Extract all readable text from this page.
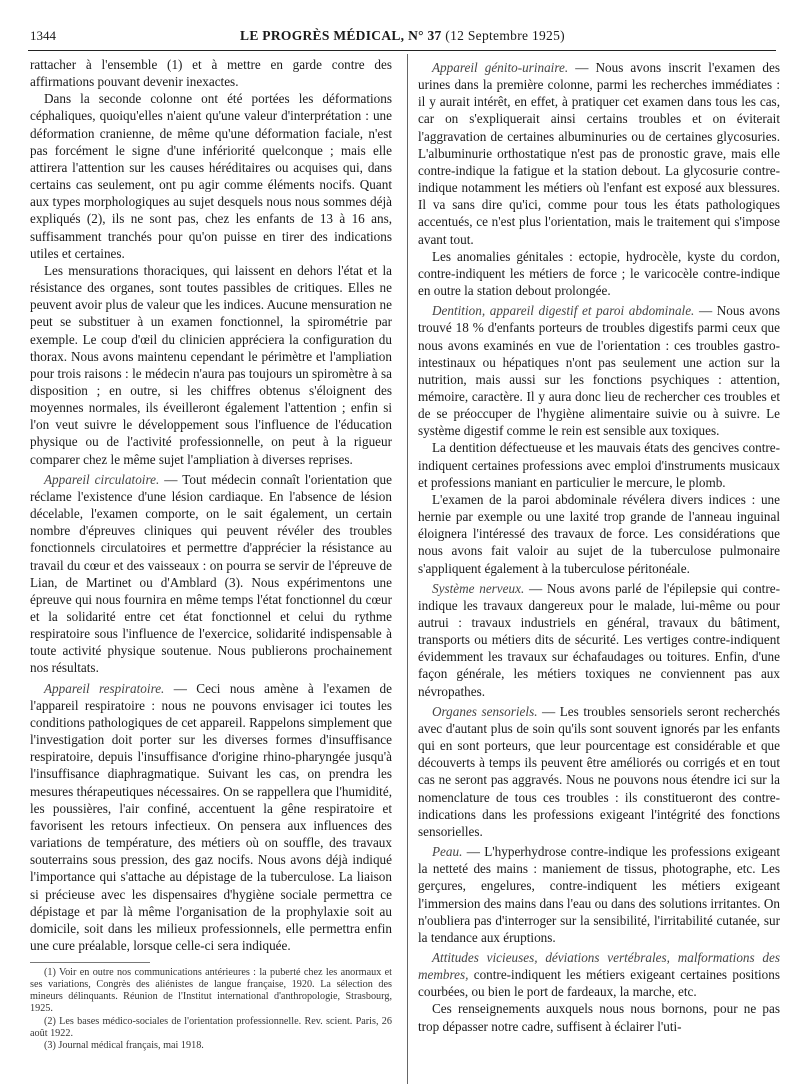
1344	LE PROGRÈS MÉDICAL, N° 37 (12 Septembre 1925)

rattacher à l'ensemble (1) et à mettre en garde contre des affirmations pouvant devenir inexactes.

Dans la seconde colonne ont été portées les déformations céphaliques, quoiqu'elles n'aient qu'une valeur d'interprétation : une déformation cranienne, de même qu'une déformation faciale, n'est pas forcément le signe d'une infériorité quelconque ; mais elle attirera l'attention sur les causes héréditaires ou acquises qui, dans certains cas seulement, ont pu agir comme éléments nocifs. Quant aux types morphologiques au sujet desquels nous nous sommes déjà expliqués (2), ils ne sont pas, chez les enfants de 13 à 16 ans, suffisamment tranchés pour qu'on puisse en tirer des indications utiles et certaines.

Les mensurations thoraciques, qui laissent en dehors l'état et la résistance des organes, sont toutes passibles de critiques. Elles ne peuvent avoir plus de valeur que les indices. Aucune mensuration ne peut se substituer à un examen fonctionnel, la spirométrie par exemple. Le coup d'œil du clinicien appréciera la configuration du thorax. Nous avons maintenu cependant le périmètre et l'ampliation pour trois raisons : le médecin n'aura pas toujours un spiromètre à sa disposition ; en outre, si les chiffres obtenus s'éloignent des moyennes normales, ils éveilleront également l'attention ; enfin si l'on veut suivre le développement sous l'influence de l'éducation physique ou de l'activité professionnelle, on peut à la rigueur comparer chez le même sujet l'ampliation à diverses reprises.

Appareil circulatoire. — Tout médecin connaît l'orientation que réclame l'existence d'une lésion cardiaque. En l'absence de lésion décelable, l'examen comporte, on le sait également, un certain nombre d'épreuves cliniques qui peuvent révéler des troubles fonctionnels circulatoires et permettre d'apprécier la résistance au travail du cœur et des vaisseaux : on pourra se servir de l'épreuve de Lian, de Martinet ou d'Amblard (3). Nous expérimentons une épreuve qui nous fournira en même temps l'état fonctionnel du cœur et la solidarité entre cet état fonctionnel et celui du rythme respiratoire sous l'influence de l'exercice, solidarité indispensable à toute activité physique soutenue. Nous publierons prochainement nos résultats.

Appareil respiratoire. — Ceci nous amène à l'examen de l'appareil respiratoire : nous ne pouvons envisager ici toutes les conditions pathologiques de cet appareil. Rappelons simplement que l'investigation doit porter sur les diverses formes d'insuffisance respiratoire, depuis l'insuffisance d'origine rhino-pharyngée jusqu'à l'insuffisance diaphragmatique. Suivant les cas, on prendra les mesures thérapeutiques nécessaires. On se rappellera que l'humidité, les poussières, l'air confiné, accentuent la gêne respiratoire et favorisent les retours infectieux. On pensera aux influences des variations de température, des métiers où on souffle, des travaux souterrains sous pression, des gaz nocifs. Nous avons déjà indiqué l'importance qui s'attache au dépistage de la tuberculose. La liaison si précieuse avec les dispensaires d'hygiène sociale permettra ce dépistage et par là même l'organisation de la prophylaxie soit au domicile, soit dans les milieux professionnels, elle permettra enfin une cure préalable, lorsque celle-ci sera indiquée.

(1) Voir en outre nos communications antérieures : la puberté chez les anormaux et ses variations, Congrès des aliénistes de langue française, 1920. La sélection des mineurs délinquants. Réunion de l'Institut international d'anthropologie, Strasbourg, 1925.

(2) Les bases médico-sociales de l'orientation professionnelle. Rev. scient. Paris, 26 août 1922.

(3) Journal médical français, mai 1918.

Appareil génito-urinaire. — Nous avons inscrit l'examen des urines dans la première colonne, parmi les recherches immédiates : il y aurait intérêt, en effet, à pratiquer cet examen dans tous les cas, car on s'expliquerait ainsi certains troubles et on éviterait l'aggravation de certaines albuminuries ou de certaines glycosuries. L'albuminurie orthostatique n'est pas de pronostic grave, mais elle contre-indique la fatigue et la station debout. La glycosurie contre-indique notamment les métiers où l'enfant est exposé aux blessures. Il va sans dire qu'ici, comme pour tous les états pathologiques accentués, ce n'est plus l'orientation, mais le traitement qui s'impose avant tout.

Les anomalies génitales : ectopie, hydrocèle, kyste du cordon, contre-indiquent les métiers de force ; le varicocèle contre-indique en outre la station debout prolongée.

Dentition, appareil digestif et paroi abdominale. — Nous avons trouvé 18 % d'enfants porteurs de troubles digestifs parmi ceux que nous avons examinés en vue de l'orientation : ces troubles gastro-intestinaux ou hépatiques n'ont pas seulement une action sur la nutrition, mais aussi sur les fonctions psychiques : attention, mémoire, caractère. Il y aura donc lieu de rechercher ces troubles et de se préoccuper de l'hygiène alimentaire suivie ou à suivre. Le système digestif comme le rein est sensible aux toxiques.

La dentition défectueuse et les mauvais états des gencives contre-indiquent certaines professions avec emploi d'instruments musicaux et professions maniant en particulier le mercure, le plomb.

L'examen de la paroi abdominale révélera divers indices : une hernie par exemple ou une laxité trop grande de l'anneau inguinal éloignera l'intéressé des travaux de force. Les considérations que nous avons fait valoir au sujet de la tuberculose pulmonaire s'appliquent également à la tuberculose péritonéale.

Système nerveux. — Nous avons parlé de l'épilepsie qui contre-indique les travaux dangereux pour le malade, lui-même ou pour autrui : travaux industriels en général, travaux du bâtiment, transports ou métiers dits de sécurité. Les vertiges contre-indiquent évidemment les travaux sur échafaudages ou toitures. Enfin, d'une façon générale, les métiers toxiques ne conviennent pas aux névropathes.

Organes sensoriels. — Les troubles sensoriels seront recherchés avec d'autant plus de soin qu'ils sont souvent ignorés par les enfants qui en sont porteurs, que leur pourcentage est considérable et que découverts à temps ils peuvent être améliorés ou corrigés et en tout cas ne seront pas aggravés. Nous ne pouvons nous étendre ici sur la nomenclature de tous ces troubles : ils constitueront des contre-indications dans les professions exigeant l'intégrité des fonctions sensorielles.

Peau. — L'hyperhydrose contre-indique les professions exigeant la netteté des mains : maniement de tissus, photographe, etc. Les gerçures, engelures, contre-indiquent les métiers exigeant l'immersion des mains dans l'eau ou dans des solutions irritantes. On n'oubliera pas d'interroger sur la sensibilité, l'irritabilité cutanée, sur la tendance aux éruptions.

Attitudes vicieuses, déviations vertébrales, malformations des membres, contre-indiquent les métiers exigeant certaines positions courbées, ou bien le port de fardeaux, la marche, etc.

Ces renseignements auxquels nous nous bornons, pour ne pas trop dépasser notre cadre, suffisent à éclairer l'uti-
